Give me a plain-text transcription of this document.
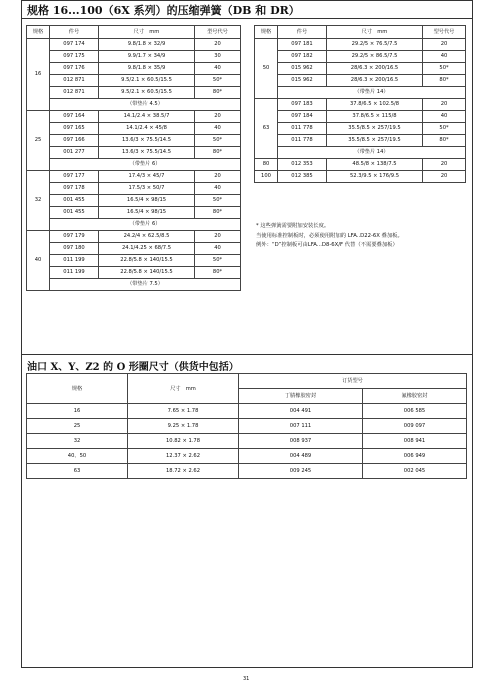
规格 16...100（6X 系列）的压缩弹簧（DB 和 DR）
规格	件号	尺寸　mm	型号代号
16	097 174	9.8/1.8 × 32/9	20
	097 175	9.9/1.7 × 34/9	30
	097 176	9.8/1.8 × 35/9	40
	012 871	9.5/2.1 × 60.5/15.5	50*
	012 871	9.5/2.1 × 60.5/15.5	80*
	（带垫片 4.5）		
25	097 164	14.1/2.4 × 38.5/7	20
	097 165	14.1/2.4 × 45/8	40
	097 166	13.6/3 × 75.5/14.5	50*
	001 277	13.6/3 × 75.5/14.5	80*
	（带垫片 6）		
32	097 177	17.4/3 × 45/7	20
	097 178	17.5/3 × 50/7	40
	001 455	16.5/4 × 98/15	50*
	001 455	16.5/4 × 98/15	80*
	（带垫片 6）		
40	097 179	24.2/4 × 62.5/8.5	20
	097 180	24.1/4.25 × 68/7.5	40
	011 199	22.8/5.8 × 140/15.5	50*
	011 199	22.8/5.8 × 140/15.5	80*
	（带垫片 7.5）		
规格	件号	尺寸　mm	型号代号
50	097 181	29.2/5 × 76.5/7.5	20
	097 182	29.2/5 × 86.5/7.5	40
	015 962	28/6.3 × 200/16.5	50*
	015 962	28/6.3 × 200/16.5	80*
	（带垫片 14）		
63	097 183	37.8/6.5 × 102.5/8	20
	097 184	37.8/6.5 × 115/8	40
	011 778	35.5/8.5 × 257/19.5	50*
	011 778	35.5/8.5 × 257/19.5	80*
	（带垫片 14）		
80	012 353	48.5/8 × 138/7.5	20
100	012 385	52.3/9.5 × 176/9.5	20
* 这些弹簧需要附加安装长度。
当使用标准控制板时，必须使用附加的 LFA..D22-6X 叠加板。
例外：“D”控制板可由LFA...D8-6X/F 代替（不需要叠加板）
油口 X、Y、Z2 的 O 形圈尺寸（供货中包括）
规格	尺寸　mm	订货型号	
		丁腈橡胶密封	氟橡胶密封
16	7.65 × 1.78	004 491	006 585
25	9.25 × 1.78	007 111	009 097
32	10.82 × 1.78	008 937	008 941
40、50	12.37 × 2.62	004 489	006 949
63	18.72 × 2.62	009 245	002 045
31
